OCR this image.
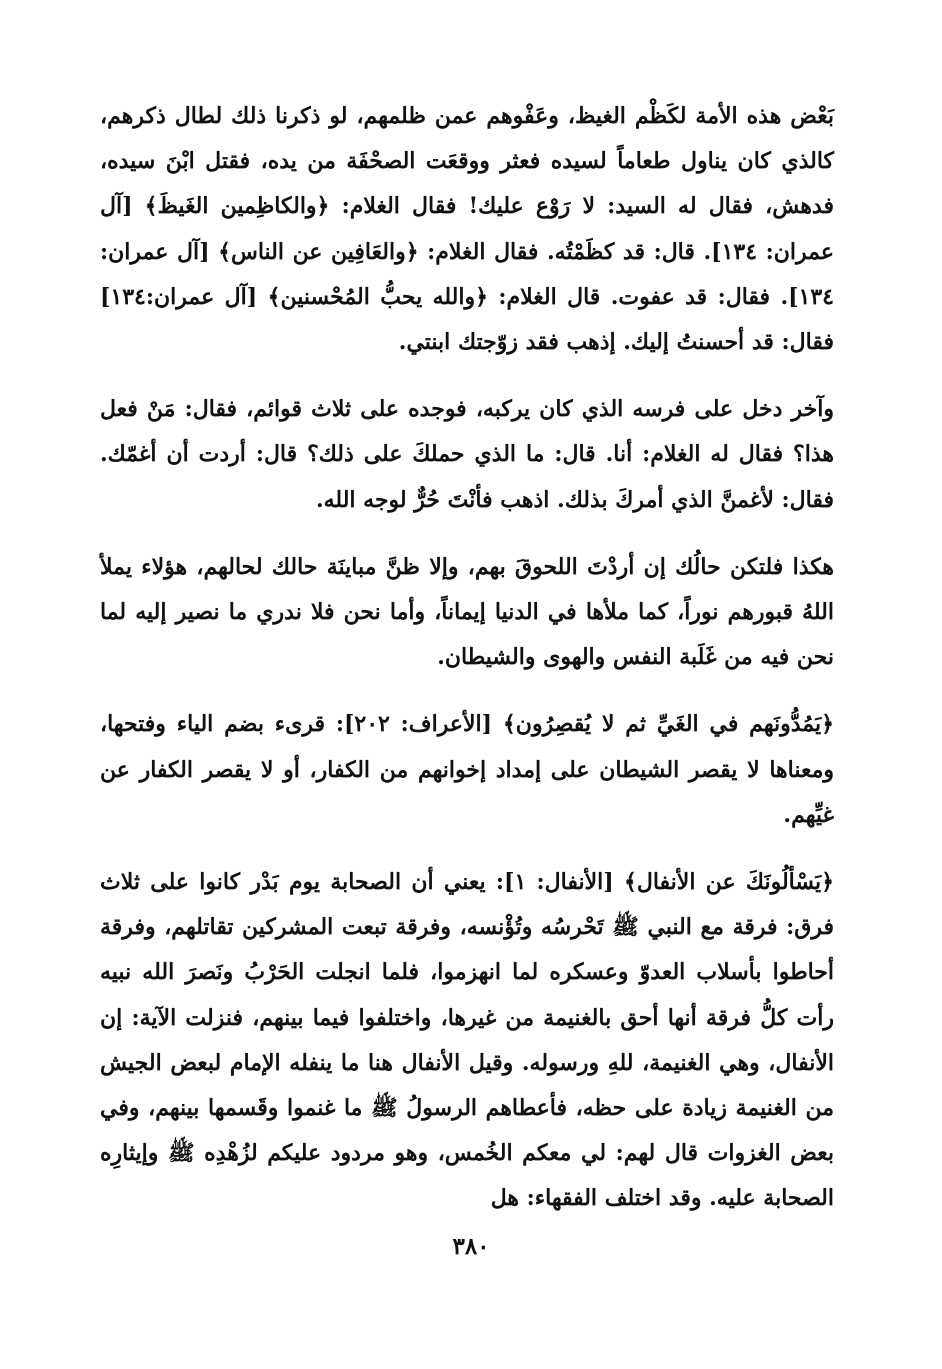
بَعْض هذه الأمة لكَظْم الغيظ، وعَفْوهم عمن ظلمهم، لو ذكرنا ذلك لطال ذكرهم، كالذي كان يناول طعاماً لسيده فعثر ووقعَت الصحْفَة من يده، فقتل ابْنَ سيده، فدهش، فقال له السيد: لا رَوْع عليك! فقال الغلام: ﴿والكاظِمين الغَيظَ﴾ [آل عمران: ١٣٤]. قال: قد كظَمْتُه. فقال الغلام: ﴿والعَافِين عن الناس﴾ [آل عمران: ١٣٤]. فقال: قد عفوت. قال الغلام: ﴿والله يحبُّ المُحْسنين﴾ [آل عمران:١٣٤] فقال: قد أحسنتُ إليك. إذهب فقد زوّجتك ابنتي.

وآخر دخل على فرسه الذي كان يركبه، فوجده على ثلاث قوائم، فقال: مَنْ فعل هذا؟ فقال له الغلام: أنا. قال: ما الذي حملكَ على ذلك؟ قال: أردت أن أغمّك. فقال: لأغمنَّ الذي أمركَ بذلك. اذهب فأنْتَ حُرٌّ لوجه الله.

هكذا فلتكن حالُك إن أردْتَ اللحوقَ بهم، وإلا ظنَّ مباينَة حالك لحالهم، هؤلاء يملأ اللهُ قبورهم نوراً، كما ملأها في الدنيا إيماناً، وأما نحن فلا ندري ما نصير إليه لما نحن فيه من غَلَبة النفس والهوى والشيطان.

﴿يَمُدُّونَهم في الغَيِّ ثم لا يُقصِرُون﴾ [الأعراف: ٢٠٢]: قرىء بضم الياء وفتحها، ومعناها لا يقصر الشيطان على إمداد إخوانهم من الكفار، أو لا يقصر الكفار عن غيِّهم.

﴿يَسْألُونَكَ عن الأنفال﴾ [الأنفال: ١]: يعني أن الصحابة يوم بَدْر كانوا على ثلاث فرق: فرقة مع النبي ﷺ تَحْرسُه وتُؤْنسه، وفرقة تبعت المشركين تقاتلهم، وفرقة أحاطوا بأسلاب العدوّ وعسكره لما انهزموا، فلما انجلت الحَرْبُ ونَصرَ الله نبيه رأت كلُّ فرقة أنها أحق بالغنيمة من غيرها، واختلفوا فيما بينهم، فنزلت الآية: إن الأنفال، وهي الغنيمة، للهِ ورسوله. وقيل الأنفال هنا ما ينفله الإمام لبعض الجيش من الغنيمة زيادة على حظه، فأعطاهم الرسولُ ﷺ ما غنموا وقَسمها بينهم، وفي بعض الغزوات قال لهم: لي معكم الخُمس، وهو مردود عليكم لزُهْدِه ﷺ وإيثارِه الصحابة عليه. وقد اختلف الفقهاء: هل

٣٨٠
